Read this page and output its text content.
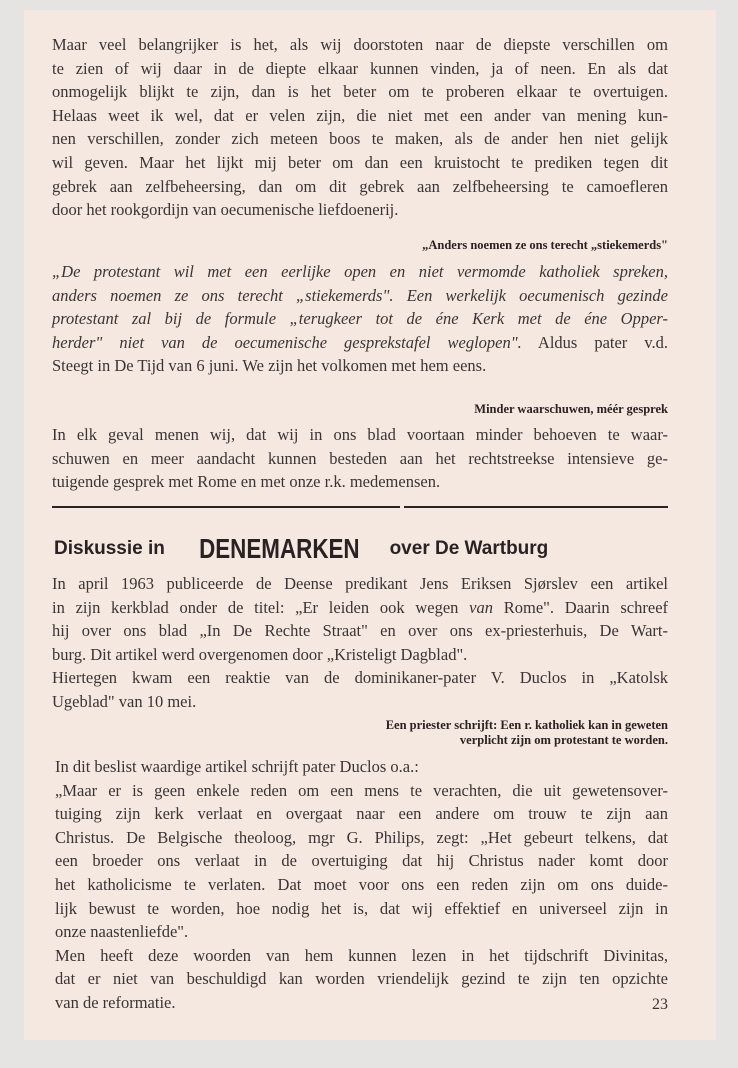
Maar veel belangrijker is het, als wij doorstoten naar de diepste verschillen om
te zien of wij daar in de diepte elkaar kunnen vinden, ja of neen. En als dat
onmogelijk blijkt te zijn, dan is het beter om te proberen elkaar te overtuigen.
Helaas weet ik wel, dat er velen zijn, die niet met een ander van mening kun-
nen verschillen, zonder zich meteen boos te maken, als de ander hen niet gelijk
wil geven. Maar het lijkt mij beter om dan een kruistocht te prediken tegen dit
gebrek aan zelfbeheersing, dan om dit gebrek aan zelfbeheersing te camoefleren
door het rookgordijn van oecumenische liefdoenerij.
„Anders noemen ze ons terecht „stiekemerds"
„De protestant wil met een eerlijke open en niet vermomde katholiek spreken,
anders noemen ze ons terecht „stiekemerds". Een werkelijk oecumenisch gezinde
protestant zal bij de formule „terugkeer tot de éne Kerk met de éne Opper-
herder" niet van de oecumenische gesprekstafel weglopen". Aldus pater v.d.
Steegt in De Tijd van 6 juni. We zijn het volkomen met hem eens.
Minder waarschuwen, méér gesprek
In elk geval menen wij, dat wij in ons blad voortaan minder behoeven te waar-
schuwen en meer aandacht kunnen besteden aan het rechtstreekse intensieve ge-
tuigende gesprek met Rome en met onze r.k. medemensen.
Diskussie in DENEMARKEN over De Wartburg
In april 1963 publiceerde de Deense predikant Jens Eriksen Sjørslev een artikel
in zijn kerkblad onder de titel: „Er leiden ook wegen van Rome". Daarin schreef
hij over ons blad „In De Rechte Straat" en over ons ex-priesterhuis, De Wart-
burg. Dit artikel werd overgenomen door „Kristeligt Dagblad".
Hiertegen kwam een reaktie van de dominikaner-pater V. Duclos in „Katolsk
Ugeblad" van 10 mei.
Een priester schrijft: Een r. katholiek kan in geweten
verplicht zijn om protestant te worden.
In dit beslist waardige artikel schrijft pater Duclos o.a.:
„Maar er is geen enkele reden om een mens te verachten, die uit gewetensover-
tuiging zijn kerk verlaat en overgaat naar een andere om trouw te zijn aan
Christus. De Belgische theoloog, mgr G. Philips, zegt: „Het gebeurt telkens, dat
een broeder ons verlaat in de overtuiging dat hij Christus nader komt door
het katholicisme te verlaten. Dat moet voor ons een reden zijn om ons duide-
lijk bewust te worden, hoe nodig het is, dat wij effektief en universeel zijn in
onze naastenliefde".
Men heeft deze woorden van hem kunnen lezen in het tijdschrift Divinitas,
dat er niet van beschuldigd kan worden vriendelijk gezind te zijn ten opzichte
van de reformatie.	23
